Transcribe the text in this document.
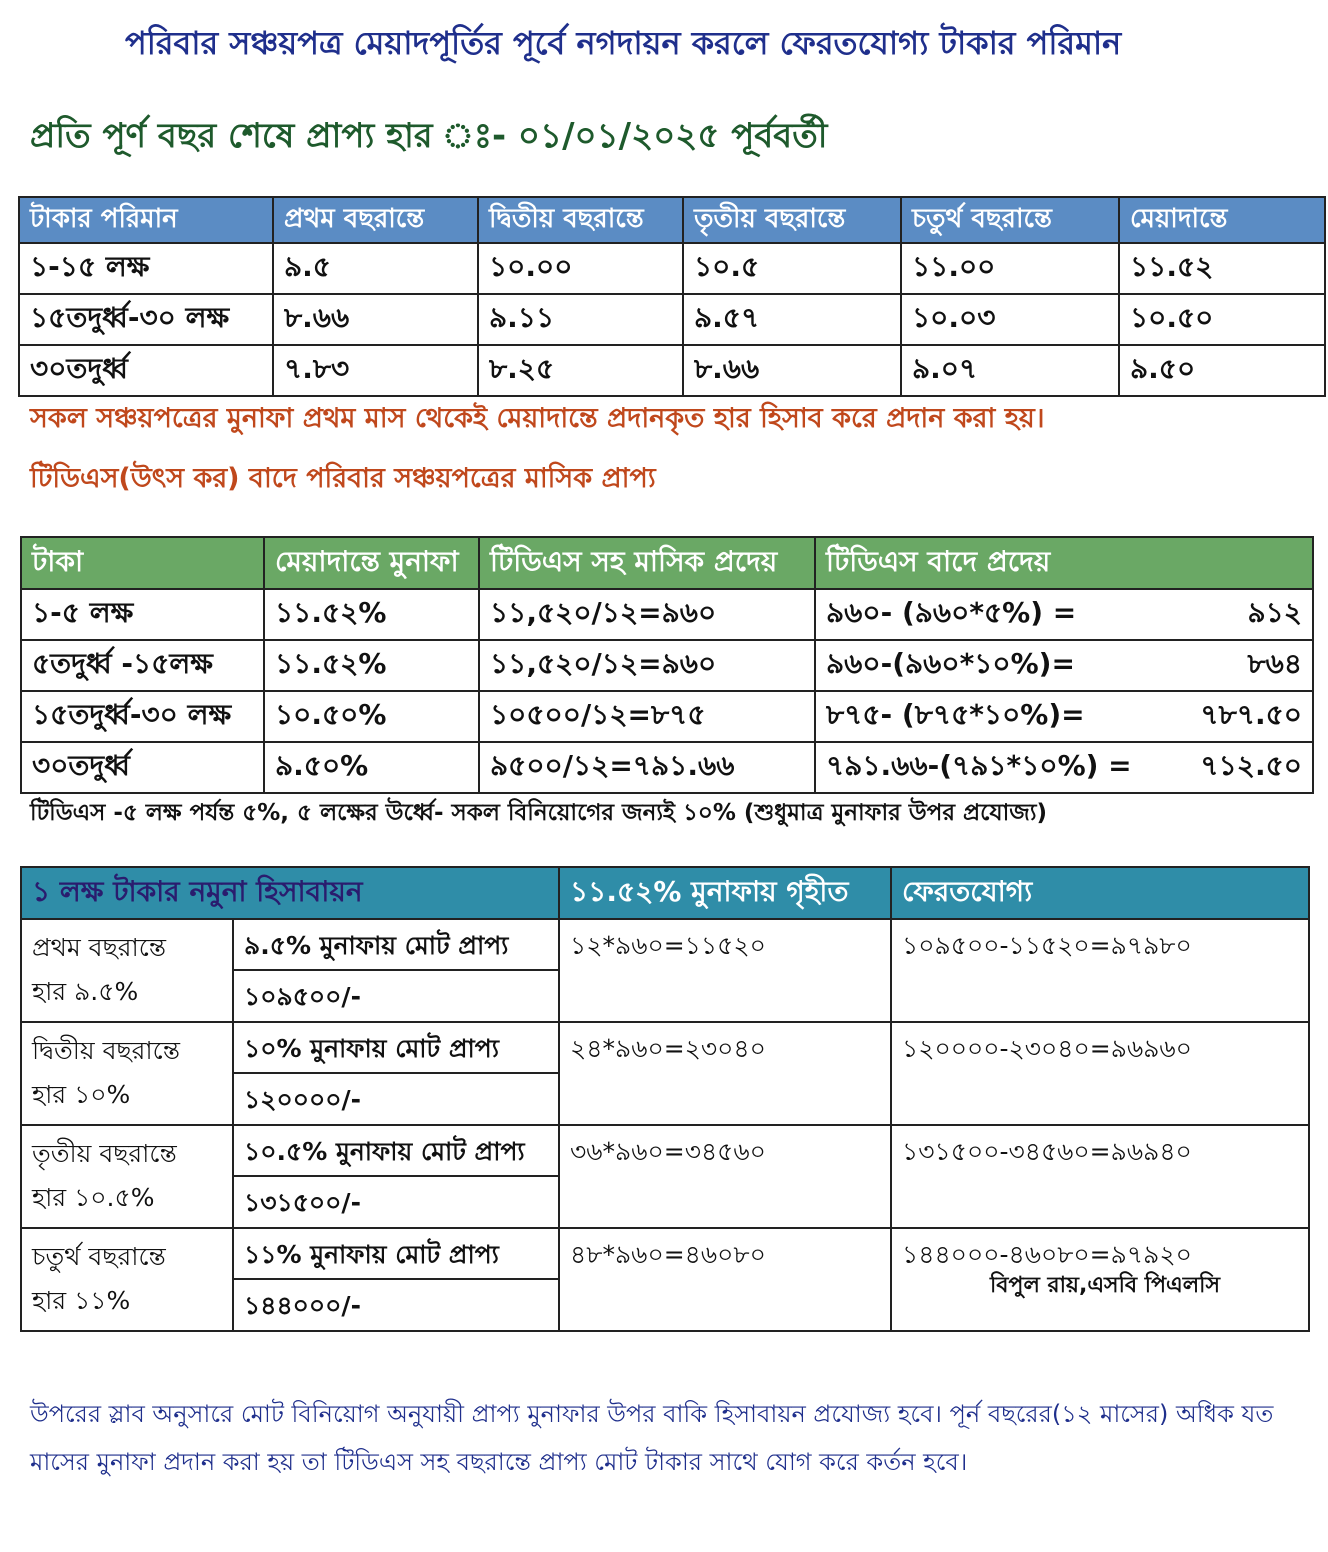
পরিবার সঞ্চয়পত্র মেয়াদপূর্তির পূর্বে নগদায়ন করলে ফেরতযোগ্য টাকার পরিমান
প্রতি পূর্ণ বছর শেষে প্রাপ্য হার ঃ- ০১/০১/২০২৫ পূর্ববর্তী
টাকার পরিমান	প্রথম বছরান্তে	দ্বিতীয় বছরান্তে	তৃতীয় বছরান্তে	চতুর্থ বছরান্তে	মেয়াদান্তে
১-১৫ লক্ষ	৯.৫	১০.০০	১০.৫	১১.০০	১১.৫২
১৫তদুর্ধ্ব-৩০ লক্ষ	৮.৬৬	৯.১১	৯.৫৭	১০.০৩	১০.৫০
৩০তদুর্ধ্ব	৭.৮৩	৮.২৫	৮.৬৬	৯.০৭	৯.৫০
সকল সঞ্চয়পত্রের মুনাফা প্রথম মাস থেকেই মেয়াদান্তে প্রদানকৃত হার হিসাব করে প্রদান করা হয়।
টিডিএস(উৎস কর) বাদে পরিবার সঞ্চয়পত্রের মাসিক প্রাপ্য
টাকা	মেয়াদান্তে মুনাফা	টিডিএস সহ মাসিক প্রদেয়	টিডিএস বাদে প্রদেয়	
১-৫ লক্ষ	১১.৫২%	১১,৫২০/১২=৯৬০	৯৬০- (৯৬০*৫%) =	৯১২
৫তদুর্ধ্ব -১৫লক্ষ	১১.৫২%	১১,৫২০/১২=৯৬০	৯৬০-(৯৬০*১০%)=	৮৬৪
১৫তদুর্ধ্ব-৩০ লক্ষ	১০.৫০%	১০৫০০/১২=৮৭৫	৮৭৫- (৮৭৫*১০%)=	৭৮৭.৫০
৩০তদুর্ধ্ব	৯.৫০%	৯৫০০/১২=৭৯১.৬৬	৭৯১.৬৬-(৭৯১*১০%) =	৭১২.৫০
টিডিএস -৫ লক্ষ পর্যন্ত ৫%, ৫ লক্ষের উর্ধ্বে- সকল বিনিয়োগের জন্যই ১০% (শুধুমাত্র মুনাফার উপর প্রযোজ্য)
১ লক্ষ টাকার নমুনা হিসাবায়ন		১১.৫২% মুনাফায় গৃহীত	ফেরতযোগ্য

প্রথম বছরান্তে
হার ৯.৫%	৯.৫% মুনাফায় মোট প্রাপ্য	১২*৯৬০=১১৫২০	১০৯৫০০-১১৫২০=৯৭৯৮০
	১০৯৫০০/-		

দ্বিতীয় বছরান্তে
হার ১০%	১০% মুনাফায় মোট প্রাপ্য	২৪*৯৬০=২৩০৪০	১২০০০০-২৩০৪০=৯৬৯৬০
	১২০০০০/-		

তৃতীয় বছরান্তে
হার ১০.৫%	১০.৫% মুনাফায় মোট প্রাপ্য	৩৬*৯৬০=৩৪৫৬০	১৩১৫০০-৩৪৫৬০=৯৬৯৪০
	১৩১৫০০/-		

চতুর্থ বছরান্তে
হার ১১%	১১% মুনাফায় মোট প্রাপ্য	৪৮*৯৬০=৪৬০৮০	১৪৪০০০-৪৬০৮০=৯৭৯২০
	১৪৪০০০/-		
বিপুল রায়,এসবি পিএলসি
উপরের স্লাব অনুসারে মোট বিনিয়োগ অনুযায়ী প্রাপ্য মুনাফার উপর বাকি হিসাবায়ন প্রযোজ্য হবে। পূর্ন বছরের(১২ মাসের) অধিক যত মাসের মুনাফা প্রদান করা হয় তা টিডিএস সহ বছরান্তে প্রাপ্য মোট টাকার সাথে যোগ করে কর্তন হবে।
